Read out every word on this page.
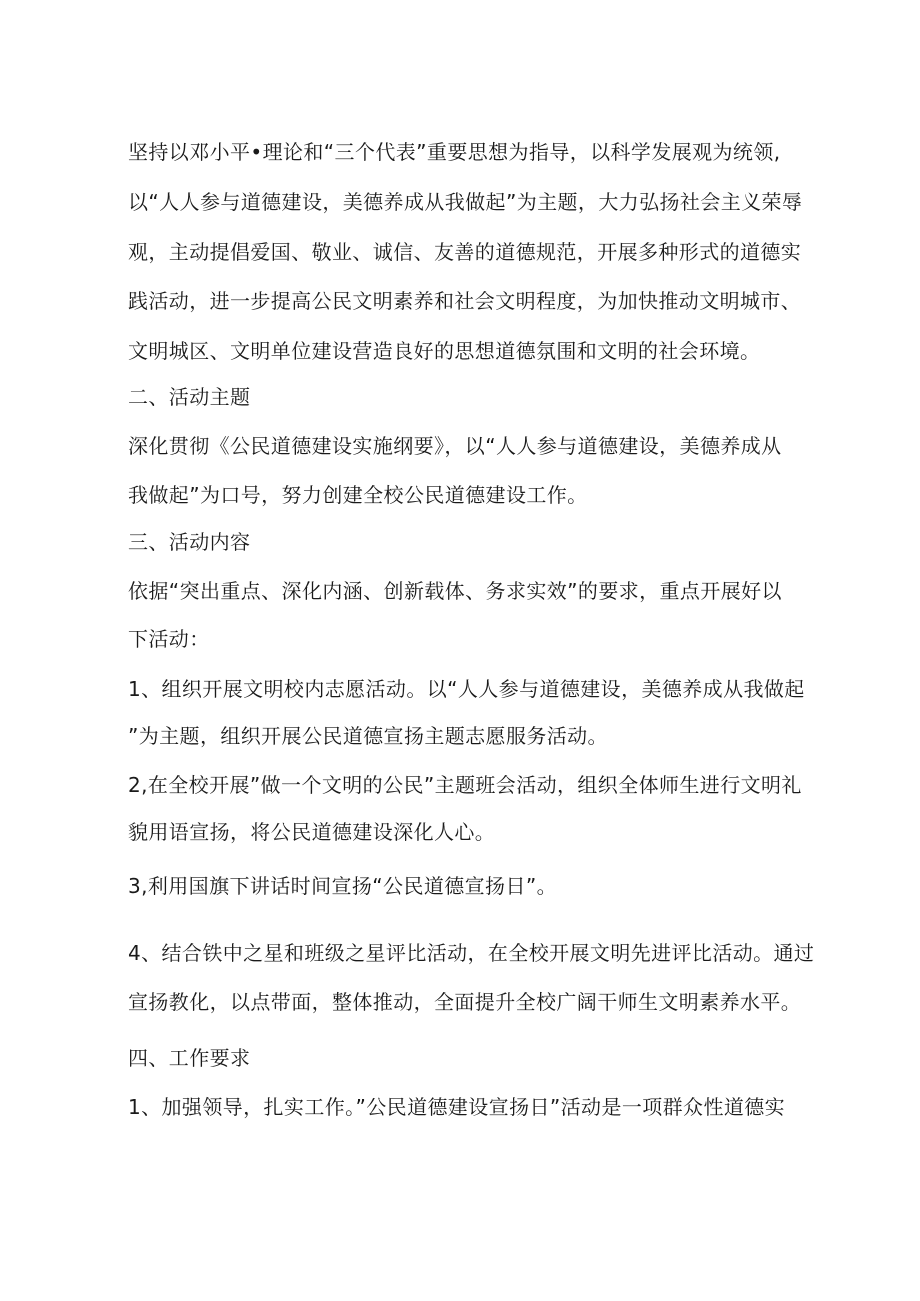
坚持以邓小平•理论和“三个代表”重要思想为指导，以科学发展观为统领,
以“人人参与道德建设，美德养成从我做起”为主题，大力弘扬社会主义荣辱
观，主动提倡爱国、敬业、诚信、友善的道德规范，开展多种形式的道德实
践活动，进一步提高公民文明素养和社会文明程度，为加快推动文明城市、
文明城区、文明单位建设营造良好的思想道德氛围和文明的社会环境。
二、活动主题
深化贯彻《公民道德建设实施纲要》，以“人人参与道德建设，美德养成从
我做起”为口号，努力创建全校公民道德建设工作。
三、活动内容
依据“突出重点、深化内涵、创新载体、务求实效”的要求，重点开展好以
下活动：
1、组织开展文明校内志愿活动。以“人人参与道德建设，美德养成从我做起
”为主题，组织开展公民道德宣扬主题志愿服务活动。
2,在全校开展”做一个文明的公民”主题班会活动，组织全体师生进行文明礼
貌用语宣扬，将公民道德建设深化人心。
3,利用国旗下讲话时间宣扬“公民道德宣扬日”。
4、结合铁中之星和班级之星评比活动，在全校开展文明先进评比活动。通过
宣扬教化，以点带面，整体推动，全面提升全校广阔干师生文明素养水平。
四、工作要求
1、加强领导，扎实工作。”公民道德建设宣扬日”活动是一项群众性道德实
